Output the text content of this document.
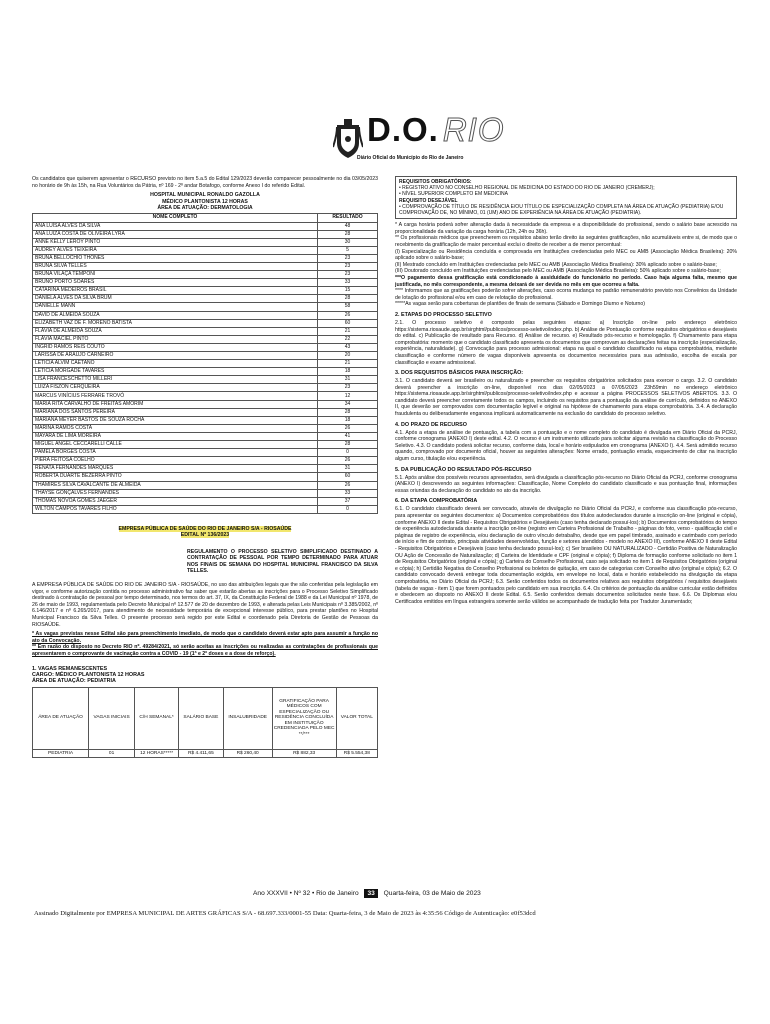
D.O. RIO
Diário Oficial do Município do Rio de Janeiro

Os candidatos que quiserem apresentar o RECURSO previsto no item 5.a.5 do Edital 129/2023 deverão comparecer pessoalmente no dia 03/05/2023 no horário de 9h às 15h, na Rua Voluntários da Pátria, nº 169 - 2º andar Botafogo, conforme Anexo I do referido Edital.

HOSPITAL MUNICIPAL RONALDO GAZOLLA
MÉDICO PLANTONISTA 12 HORAS
ÁREA DE ATUAÇÃO: DERMATOLOGIA
NOME COMPLETO	RESULTADO
ANA LUÍSA ALVES DA SILVA	48
ANA LUIZA COSTA DE OLIVEIRA LYRA	28
ANNE KELLY LEROY PINTO	30
AUDREY ALVES TEIXEIRA	5
BRUNA BELLOCHIO THONES	23
BRUNA SILVA TELLES	23
BRUNA VILAÇA TEMPONI	23
BRUNO PORTO SOARES	33
CATARINA MEDEIROS BRASIL	15
DANIELA ALVES DA SILVA BRUM	28
DANIELLE MANN	58
DAVID DE ALMEIDA SOUZA	26
ELIZABETH VAZ DE F. MORENO BATISTA	60
FLÁVIA DE ALMEIDA SOUZA	21
FLÁVIA MACIEL PINTO	22
INGRID RAMOS REIS COUTO	43
LARISSA DE ARAÚJO CARNEIRO	20
LETICIA ALVIM CAETANO	21
LETICIA MORGADE TAVARES	18
LISA FRANCESCHETTO MILLERI	31
LUIZA FISZON CERQUEIRA	23
MARCUS VINÍCIUS FERRARE TROVÓ	12
MARIA RITA CARVALHO DE FREITAS AMORIM	34
MARIANA DOS SANTOS PEREIRA	28
MARIANA MEYER BASTOS DE SOUZA ROCHA	18
MARINA RAMOS COSTA	26
MAYARA DE LIMA MOREIRA	41
MIGUEL ANGEL CECCARELLI CALLE	28
PAMELA BORGES COSTA	0
PIERA FEITOSA COELHO	26
RENATA FERNANDES MARQUES	31
ROBERTA DUARTE BEZERRA PINTO	60
THAMIRES SILVA CAVALCANTE DE ALMEIDA	26
THAYSE GONÇALVES FERNANDES	33
THOMÁS NÓVOA GOMES JAEGER	37
WILTON CAMPOS TAVARES FILHO	0
EMPRESA PÚBLICA DE SAÚDE DO RIO DE JANEIRO S/A - RIOSAÚDE
EDITAL Nº 136/2023

REGULAMENTO O PROCESSO SELETIVO SIMPLIFICADO DESTINADO A CONTRATAÇÃO DE PESSOAL POR TEMPO DETERMINADO PARA ATUAR NOS FINAIS DE SEMANA DO HOSPITAL MUNICIPAL FRANCISCO DA SILVA TELLES.

A EMPRESA PÚBLICA DE SAÚDE DO RIO DE JANEIRO S/A - RIOSAÚDE, no uso das atribuições legais que the são conferidas pela legislação em vigor, e conforme autorização contida no processo administrativo faz saber que estarão abertas as inscrições para o Processo Seletivo Simplificado destinado à contratação de pessoal por tempo determinado, nos termos do art. 37, IX, da Constituição Federal de 1988 e da Lei Municipal nº 1978, de 26 de maio de 1993, regulamentada pelo Decreto Municipal nº 12.577 de 20 de dezembro de 1993, e alterada pelas Leis Municipais nº 3.385/2002, nº 6.146/2017 e nº 6.265/2017, para atendimento de necessidade temporária de excepcional interesse público, para prestar plantões no Hospital Municipal Francisco da Silva Telles. O presente processo será regido por este Edital e coordenado pela Diretoria de Gestão de Pessoas da RIOSAÚDE.

* As vagas previstas nesse Edital são para preenchimento imediato, de modo que o candidato deverá estar apto para assumir a função no ato da Convocação.

** Em razão do disposto no Decreto RIO nº. 49284/2021, só serão aceitas as inscrições ou realizadas as contratações de profissionais que apresentarem o comprovante de vacinação contra a COVID - 19 (1ª e 2ª doses e a dose de reforço).

1. VAGAS REMANESCENTES
CARGO: MÉDICO PLANTONISTA 12 HORAS
ÁREA DE ATUAÇÃO: PEDIATRIA
ÁREA DE ATUAÇÃO	VAGAS INICIAIS	C/H SEMANAL*	SALÁRIO BASE	INSALUBRIDADE	GRATIFICAÇÃO PARA MÉDICOS COM ESPECIALIZAÇÃO OU RESIDÊNCIA CONCLUÍDA EM INSTITUIÇÃO CREDENCIADA PELO MEC **/***	VALOR TOTAL
PEDIATRIA	01	12 HORAS*****	R$ 4.411,65	R$ 260,40	R$ 882,33	R$ 5.554,38
REQUISITOS OBRIGATÓRIOS:
• REGISTRO ATIVO NO CONSELHO REGIONAL DE MEDICINA DO ESTADO DO RIO DE JANEIRO (CREMERJ);
• NÍVEL SUPERIOR COMPLETO EM MEDICINA
REQUISITO DESEJÁVEL
• COMPROVAÇÃO DE TÍTULO DE RESIDÊNCIA E/OU TÍTULO DE ESPECIALIZAÇÃO COMPLETA NA ÁREA DE ATUAÇÃO (PEDIATRIA) E/OU COMPROVAÇÃO DE, NO MÍNIMO, 01 (UM) ANO DE EXPERIÊNCIA NA ÁREA DE ATUAÇÃO (PEDIATRIA).

* A carga horária poderá sofrer alteração dada à necessidade da empresa e a disponibilidade do profissional, sendo o salário base acrescido na proporcionalidade da variação da carga horária (12h, 24h ou 36h).

** Os profissionais médicos que preencherem os requisitos abaixo terão direito às seguintes gratificações, não acumuláveis entre si, de modo que o recebimento da gratificação de maior percentual exclui o direito de receber a de menor percentual:

(I) Especialização ou Residência concluída e comprovada em Instituições credenciadas pelo MEC ou AMB (Associação Médica Brasileira): 20% aplicado sobre o salário-base;

(II) Mestrado concluído em Instituições credenciadas pelo MEC ou AMB (Associação Médica Brasileira): 30% aplicado sobre o salário-base;

(III) Doutorado concluído em Instituições credenciadas pelo MEC ou AMB (Associação Médica Brasileira): 50% aplicado sobre o salário-base;

***O pagamento dessa gratificação está condicionado à assiduidade do funcionário no período. Caso haja alguma falta, mesmo que justificada, no mês correspondente, a mesma deixará de ser devida no mês em que ocorreu a falta.

**** Informamos que as gratificações poderão sofrer alterações, caso ocorra mudança no padrão remuneratório previsto nos Convênios da Unidade de lotação do profissional e/ou em caso de relotação do profissional.

*****As vagas serão para coberturas de plantões de finais de semana (Sábado e Domingo Diurno e Noturno)

2. ETAPAS DO PROCESSO SELETIVO

2.1. O processo seletivo é composto pelas seguintes etapas: a) Inscrição on-line pelo endereço eletrônico https://sistema.riosaude.app.br/sirghtml/publicos/processo-seletivo/index.php. b) Análise de Pontuação conforme requisitos obrigatórios e desejáveis do edital. c) Publicação de resultado para Recurso. d) Análise de recurso. e) Resultado pós-recurso e homologação. f) Chamamento para etapa comprobatória: momento que o candidato classificado apresenta os documentos que comprovam as declarações feitas na inscrição (especialização, experiência, naturalidade). g) Convocação para processo admissional: etapa na qual o candidato classificado na etapa comprobatória, mediante classificação e conforme número de vagas disponíveis apresenta os documentos necessários para sua admissão, escolha de escala por classificação e exame admissional.

3. DOS REQUISITOS BÁSICOS PARA INSCRIÇÃO:

3.1. O candidato deverá ser brasileiro ou naturalizado e preencher os requisitos obrigatórios solicitados para exercer o cargo. 3.2. O candidato deverá preencher a inscrição on-line, disponível nos dias 02/05/2023 a 07/05/2023 23h59min no endereço eletrônico https://sistema.riosaude.app.br/sirghtml/publicos/processo-seletivo/index.php e acessar a página PROCESSOS SELETIVOS ABERTOS. 3.3. O candidato deverá preencher corretamente todos os campos, incluindo os requisitos para a pontuação da análise de currículo, definidos no ANEXO II, que deverão ser comprovados com documentação legível e original na hipótese de chamamento para etapa comprobatória. 3.4. A declaração fraudulenta ou deliberadamente enganosa implicará automaticamente na exclusão do candidato do processo seletivo.

4. DO PRAZO DE RECURSO

4.1. Após a etapa de análise de pontuação, a tabela com a pontuação e o nome completo do candidato é divulgada em Diário Oficial da PCRJ, conforme cronograma (ANEXO I) deste edital. 4.2. O recurso é um instrumento utilizado para solicitar alguma revisão na classificação do Processo Seletivo. 4.3. O candidato poderá solicitar recurso, conforme data, local e horário estipulados em cronograma (ANEXO I). 4.4. Será admitido recurso quando, comprovado por documento oficial, houver as seguintes alterações: Nome errado, pontuação errada, esquecimento de citar na inscrição algum curso, titulação e/ou experiência.

5. DA PUBLICAÇÃO DO RESULTADO PÓS-RECURSO

5.1. Após análise dos possíveis recursos apresentados, será divulgada a classificação pós-recurso no Diário Oficial da PCRJ, conforme cronograma (ANEXO I) descrevendo as seguintes informações: Classificação, Nome Completo do candidato classificado e sua pontuação final, informações essas oriundas da declaração do candidato no ato da inscrição.

6. DA ETAPA COMPROBATÓRIA

6.1. O candidato classificado deverá ser convocado, através de divulgação no Diário Oficial da PCRJ, e conforme sua classificação pós-recurso, para apresentar os seguintes documentos: a) Documentos comprobatórios dos títulos autodeclarados durante a inscrição on-line (original e cópia), conforme ANEXO II deste Edital - Requisitos Obrigatórios e Desejáveis (caso tenha declarado possuí-los); b) Documentos comprobatórios do tempo de experiência autodeclarada durante a inscrição on-line (registro em Carteira Profissional de Trabalho - páginas do foto, verso - qualificação civil e páginas de registro de experiência, e/ou declaração de outro vínculo detrabalho, desde que em papel timbrado, assinado e carimbado com período de início e fim de contrato, principais atividades desenvolvidas, função e setores atendidos - modelo no ANEXO III), conforme ANEXO II deste Edital - Requisitos Obrigatórios e Desejáveis (caso tenha declarado possuí-los); c) Ser brasileiro OU NATURALIZADO - Certidão Positiva de Naturalização OU Ação de Concessão de Naturalização; d) Carteira de Identidade e CPF (original e cópia); f) Diploma de formação conforme solicitado no item 1 de Requisitos Obrigatórios (original e cópia); g) Carteira do Conselho Profissional, caso seja solicitado no item 1 de Requisitos Obrigatórios (original e cópia); h) Certidão Negativa do Conselho Profissional ou boletos de quitação, em caso de categorias com Conselho ativo (original e cópia); 6.2. O candidato convocado deverá entregar toda documentação exigida, em envelope no local, data e horário estabelecido na divulgação da etapa comprobatória, no Diário Oficial da PCRJ; 6.3. Serão conferidos todos os documentos relativos aos requisitos obrigatórios / requisitos desejáveis (tabela de vagas - item 1) que forem pontuados pelo candidato em sua inscrição. 6.4. Os critérios de pontuação da análise curricular estão definidos e obedecem ao disposto no ANEXO II deste Edital. 6.5. Serão conferidos demais documentos solicitados neste fase. 6.6. Os Diplomas e/ou Certificados emitidos em língua estrangeira somente serão válidos se acompanhado de tradução feita por Tradutor Juramentado;

Ano XXXVII • Nº 32 • Rio de Janeiro 33 Quarta-feira, 03 de Maio de 2023
Assinado Digitalmente por EMPRESA MUNICIPAL DE ARTES GRÁFICAS S/A - 68.697.333/0001-55 Data: Quarta-feira, 3 de Maio de 2023 às 4:35:56 Código de Autenticação: e0f53dcd
